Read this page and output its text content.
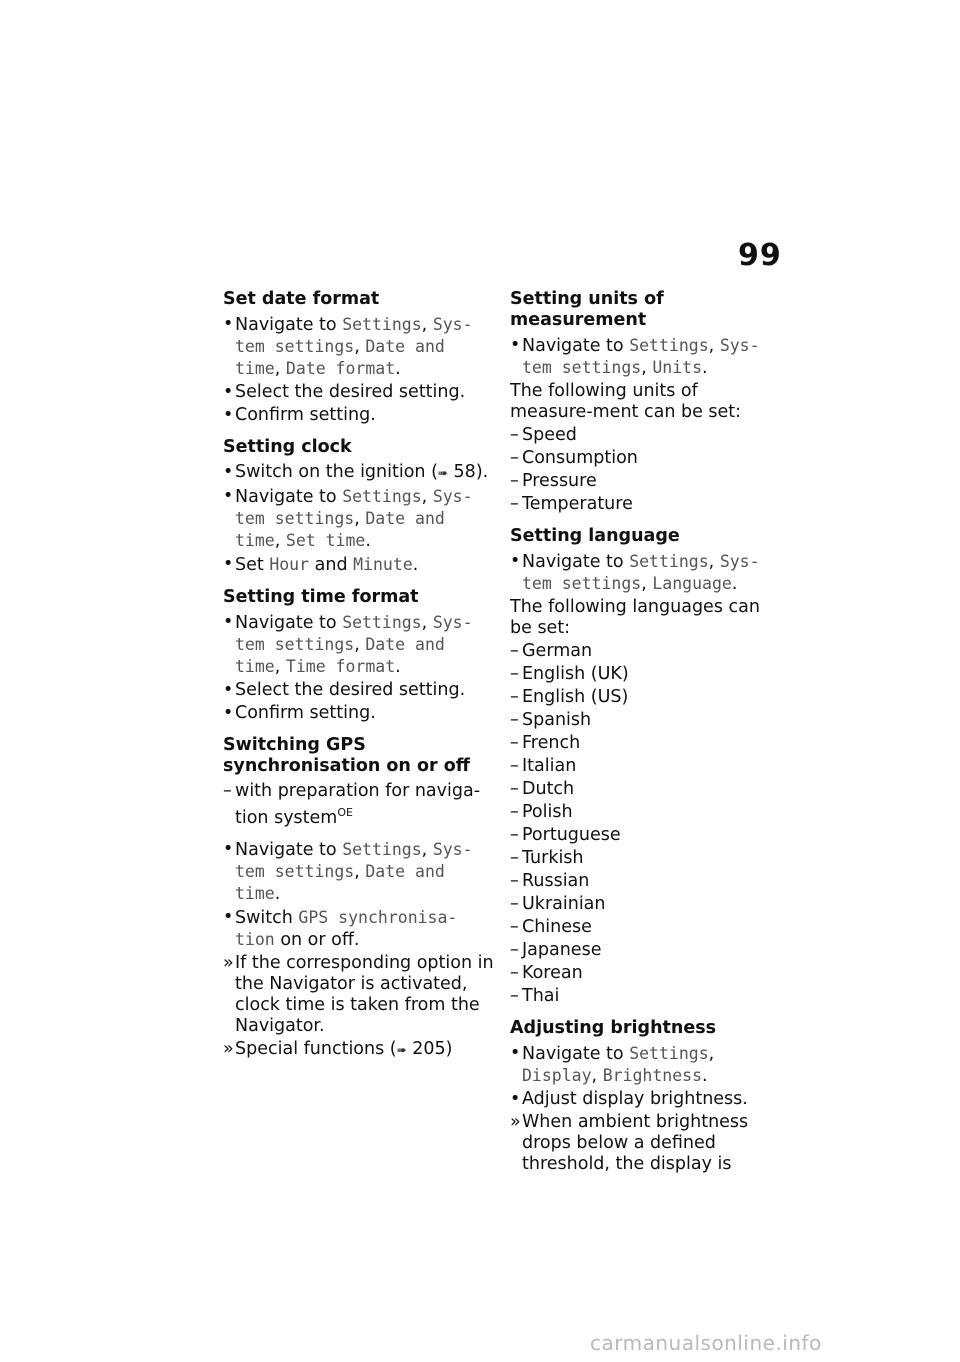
99
Set date format
• Navigate to Settings, Sys-
tem settings, Date and
time, Date format.
• Select the desired setting.
• Confirm setting.
Setting clock
• Switch on the ignition (➠ 58).
• Navigate to Settings, Sys-
tem settings, Date and
time, Set time.
• Set Hour and Minute.
Setting time format
• Navigate to Settings, Sys-
tem settings, Date and
time, Time format.
• Select the desired setting.
• Confirm setting.
Switching GPS
synchronisation on or off
– with preparation for naviga-
tion system$^{OE}$
• Navigate to Settings, Sys-
tem settings, Date and
time.
• Switch GPS synchronisa-
tion on or off.
» If the corresponding option in the Navigator is activated, clock time is taken from the Navigator.
» Special functions (➠ 205)
Setting units of measurement
• Navigate to Settings, Sys-
tem settings, Units.
The following units of measure-ment can be set:
– Speed
– Consumption
– Pressure
– Temperature
Setting language
• Navigate to Settings, Sys-
tem settings, Language.
The following languages can be set:
– German
– English (UK)
– English (US)
– Spanish
– French
– Italian
– Dutch
– Polish
– Portuguese
– Turkish
– Russian
– Ukrainian
– Chinese
– Japanese
– Korean
– Thai
Adjusting brightness
• Navigate to Settings,
Display, Brightness.
• Adjust display brightness.
» When ambient brightness drops below a defined threshold, the display is
carmanualsonline.info
